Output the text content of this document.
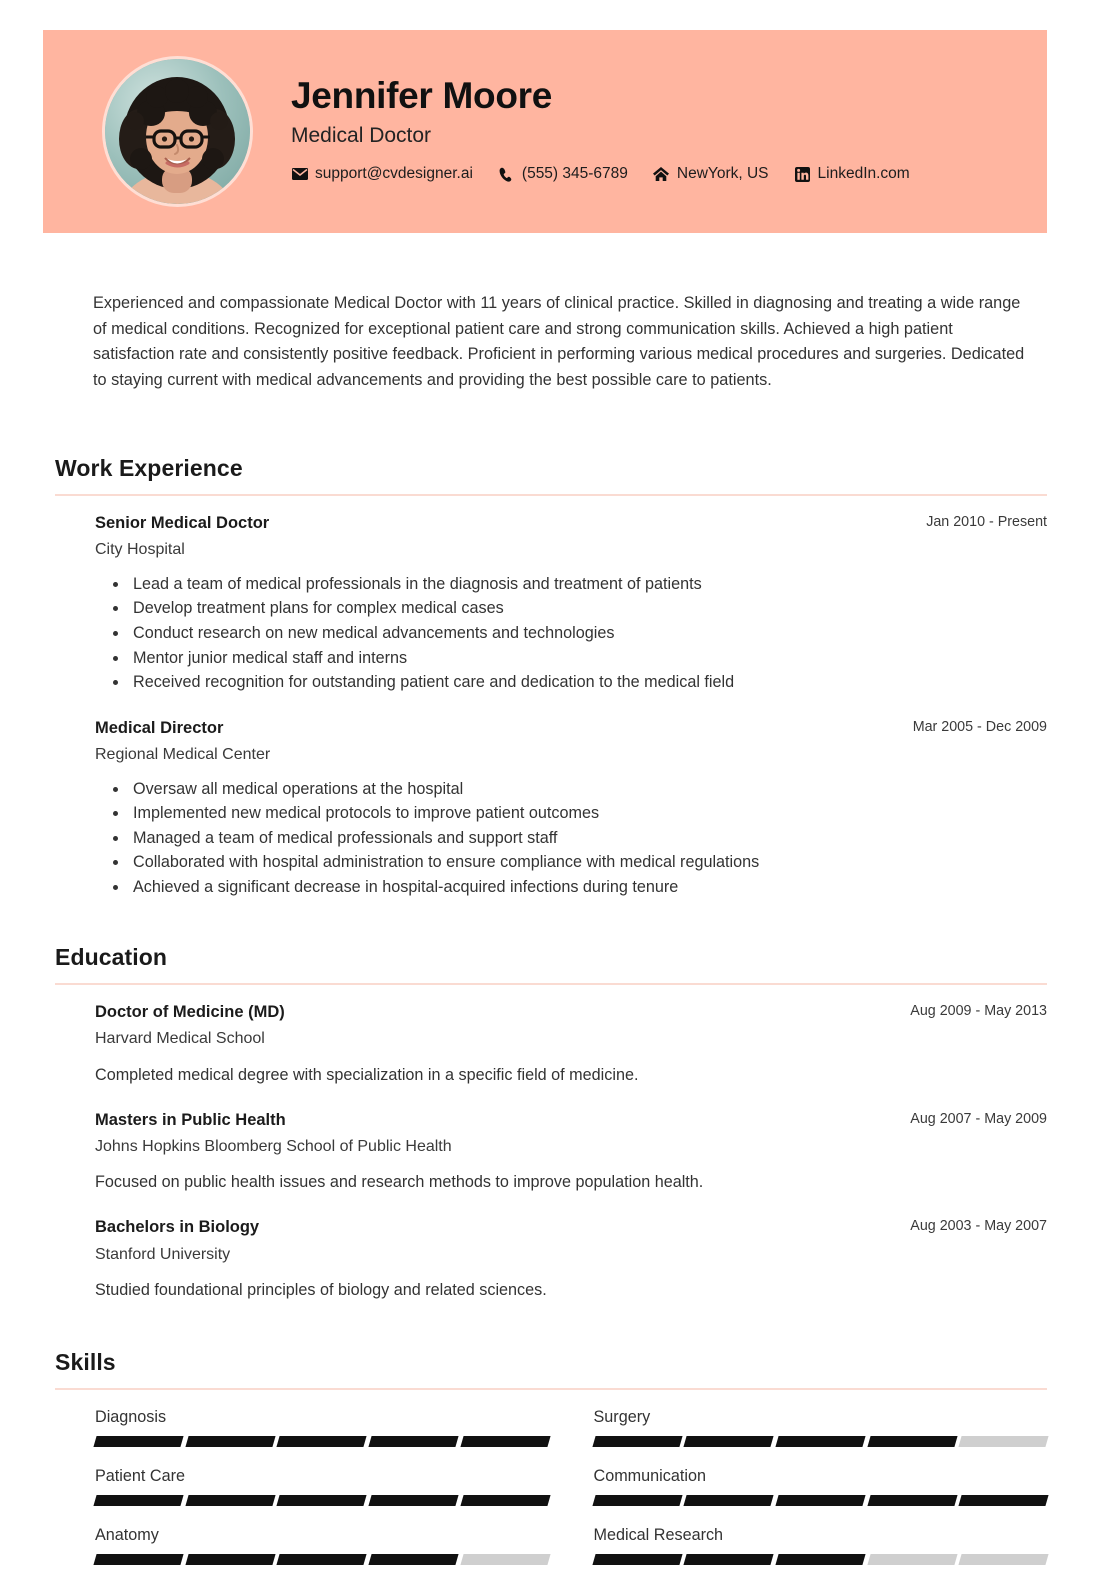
Jennifer Moore
Medical Doctor
support@cvdesigner.ai	(555) 345-6789	NewYork, US	LinkedIn.com

Experienced and compassionate Medical Doctor with 11 years of clinical practice. Skilled in diagnosing and treating a wide range of medical conditions. Recognized for exceptional patient care and strong communication skills. Achieved a high patient satisfaction rate and consistently positive feedback. Proficient in performing various medical procedures and surgeries. Dedicated to staying current with medical advancements and providing the best possible care to patients.

Work Experience
Senior Medical Doctor	Jan 2010 - Present
City Hospital
• Lead a team of medical professionals in the diagnosis and treatment of patients
• Develop treatment plans for complex medical cases
• Conduct research on new medical advancements and technologies
• Mentor junior medical staff and interns
• Received recognition for outstanding patient care and dedication to the medical field
Medical Director	Mar 2005 - Dec 2009
Regional Medical Center
• Oversaw all medical operations at the hospital
• Implemented new medical protocols to improve patient outcomes
• Managed a team of medical professionals and support staff
• Collaborated with hospital administration to ensure compliance with medical regulations
• Achieved a significant decrease in hospital-acquired infections during tenure
Education
Doctor of Medicine (MD)	Aug 2009 - May 2013
Harvard Medical School
Completed medical degree with specialization in a specific field of medicine.
Masters in Public Health	Aug 2007 - May 2009
Johns Hopkins Bloomberg School of Public Health
Focused on public health issues and research methods to improve population health.
Bachelors in Biology	Aug 2003 - May 2007
Stanford University
Studied foundational principles of biology and related sciences.
Skills
Diagnosis	Surgery
Patient Care	Communication
Anatomy	Medical Research
